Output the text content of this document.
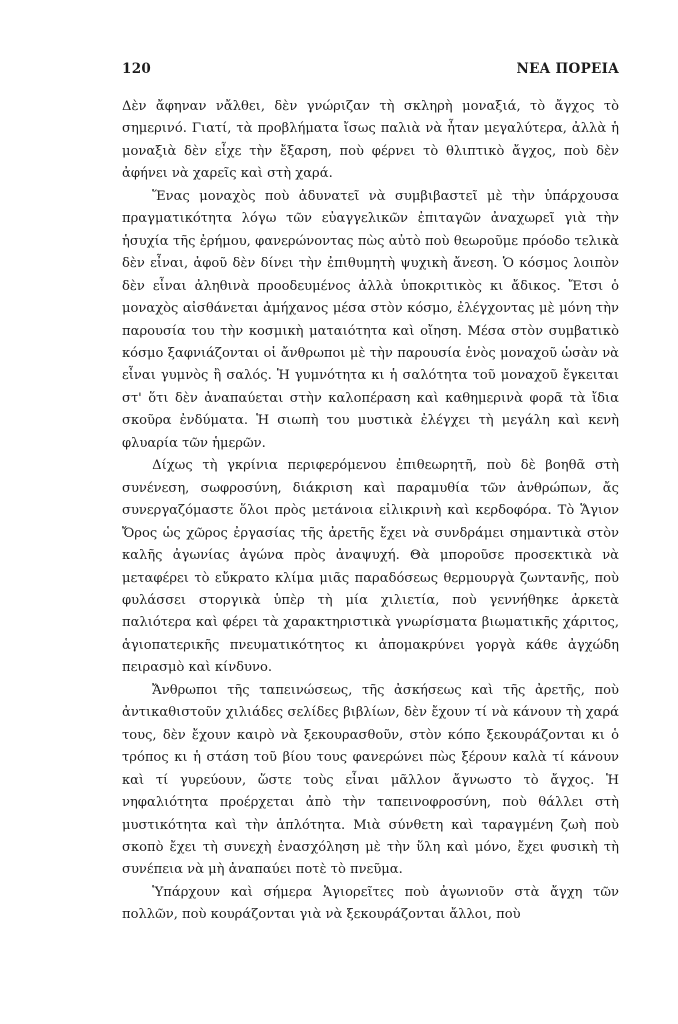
120	ΝΕΑ ΠΟΡΕΙΑ

Δὲν ἄφηναν νἄλθει, δὲν γνώριζαν τὴ σκληρὴ μοναξιά, τὸ ἄγχος τὸ σημερινό. Γιατί, τὰ προβλήματα ἴσως παλιὰ νὰ ἦταν μεγαλύτερα, ἀλλὰ ἡ μοναξιὰ δὲν εἶχε τὴν ἔξαρση, ποὺ φέρνει τὸ θλιπτικὸ ἄγχος, ποὺ δὲν ἀφήνει νὰ χαρεῖς καὶ στὴ χαρά.

Ἕνας μοναχὸς ποὺ ἀδυνατεῖ νὰ συμβιβαστεῖ μὲ τὴν ὑπάρχουσα πραγματικότητα λόγω τῶν εὐαγγελικῶν ἐπιταγῶν ἀναχωρεῖ γιὰ τὴν ἡσυχία τῆς ἐρήμου, φανερώνοντας πὼς αὐτὸ ποὺ θεωροῦμε πρόοδο τελικὰ δὲν εἶναι, ἀφοῦ δὲν δίνει τὴν ἐπιθυμητὴ ψυχικὴ ἄνεση. Ὁ κόσμος λοιπὸν δὲν εἶναι ἀληθινὰ προοδευμένος ἀλλὰ ὑποκριτικὸς κι ἄδικος. Ἔτσι ὁ μοναχὸς αἰσθάνεται ἀμήχανος μέσα στὸν κόσμο, ἐλέγχοντας μὲ μόνη τὴν παρουσία του τὴν κοσμικὴ ματαιότητα καὶ οἴηση. Μέσα στὸν συμβατικὸ κόσμο ξαφνιάζονται οἱ ἄνθρωποι μὲ τὴν παρουσία ἑνὸς μοναχοῦ ὡσὰν νὰ εἶναι γυμνὸς ἢ σαλός. Ἡ γυμνότητα κι ἡ σαλότητα τοῦ μοναχοῦ ἔγκειται στ' ὅτι δὲν ἀναπαύεται στὴν καλοπέραση καὶ καθημερινὰ φορᾶ τὰ ἴδια σκοῦρα ἐνδύματα. Ἡ σιωπὴ του μυστικὰ ἐλέγχει τὴ μεγάλη καὶ κενὴ φλυαρία τῶν ἡμερῶν.

Δίχως τὴ γκρίνια περιφερόμενου ἐπιθεωρητῆ, ποὺ δὲ βοηθᾶ στὴ συνένεση, σωφροσύνη, διάκριση καὶ παραμυθία τῶν ἀνθρώπων, ἄς συνεργαζόμαστε ὅλοι πρὸς μετάνοια εἰλικρινὴ καὶ κερδοφόρα. Τὸ Ἅγιον Ὄρος ὡς χῶρος ἐργασίας τῆς ἀρετῆς ἔχει νὰ συνδράμει σημαντικὰ στὸν καλῆς ἀγωνίας ἀγώνα πρὸς ἀναψυχή. Θὰ μποροῦσε προσεκτικὰ νὰ μεταφέρει τὸ εὔκρατο κλίμα μιᾶς παραδόσεως θερμουργὰ ζωντανῆς, ποὺ φυλάσσει στοργικὰ ὑπὲρ τὴ μία χιλιετία, ποὺ γεννήθηκε ἀρκετὰ παλιότερα καὶ φέρει τὰ χαρακτηριστικὰ γνωρίσματα βιωματικῆς χάριτος, ἁγιοπατερικῆς πνευματικότητος κι ἀπομακρύνει γοργὰ κάθε ἀγχώδη πειρασμὸ καὶ κίνδυνο.

Ἄνθρωποι τῆς ταπεινώσεως, τῆς ἀσκήσεως καὶ τῆς ἀρετῆς, ποὺ ἀντικαθιστοῦν χιλιάδες σελίδες βιβλίων, δὲν ἔχουν τί νὰ κάνουν τὴ χαρά τους, δὲν ἔχουν καιρὸ νὰ ξεκουρασθοῦν, στὸν κόπο ξεκουράζονται κι ὁ τρόπος κι ἡ στάση τοῦ βίου τους φανερώνει πὼς ξέρουν καλὰ τί κάνουν καὶ τί γυρεύουν, ὥστε τοὺς εἶναι μᾶλλον ἄγνωστο τὸ ἄγχος. Ἡ νηφαλιότητα προέρχεται ἀπὸ τὴν ταπεινοφροσύνη, ποὺ θάλλει στὴ μυστικότητα καὶ τὴν ἁπλότητα. Μιὰ σύνθετη καὶ ταραγμένη ζωὴ ποὺ σκοπὸ ἔχει τὴ συνεχὴ ἐνασχόληση μὲ τὴν ὕλη καὶ μόνο, ἔχει φυσικὴ τὴ συνέπεια νὰ μὴ ἀναπαύει ποτὲ τὸ πνεῦμα.

Ὑπάρχουν καὶ σήμερα Ἁγιορεῖτες ποὺ ἀγωνιοῦν στὰ ἄγχη τῶν πολλῶν, ποὺ κουράζονται γιὰ νὰ ξεκουράζονται ἄλλοι, ποὺ
